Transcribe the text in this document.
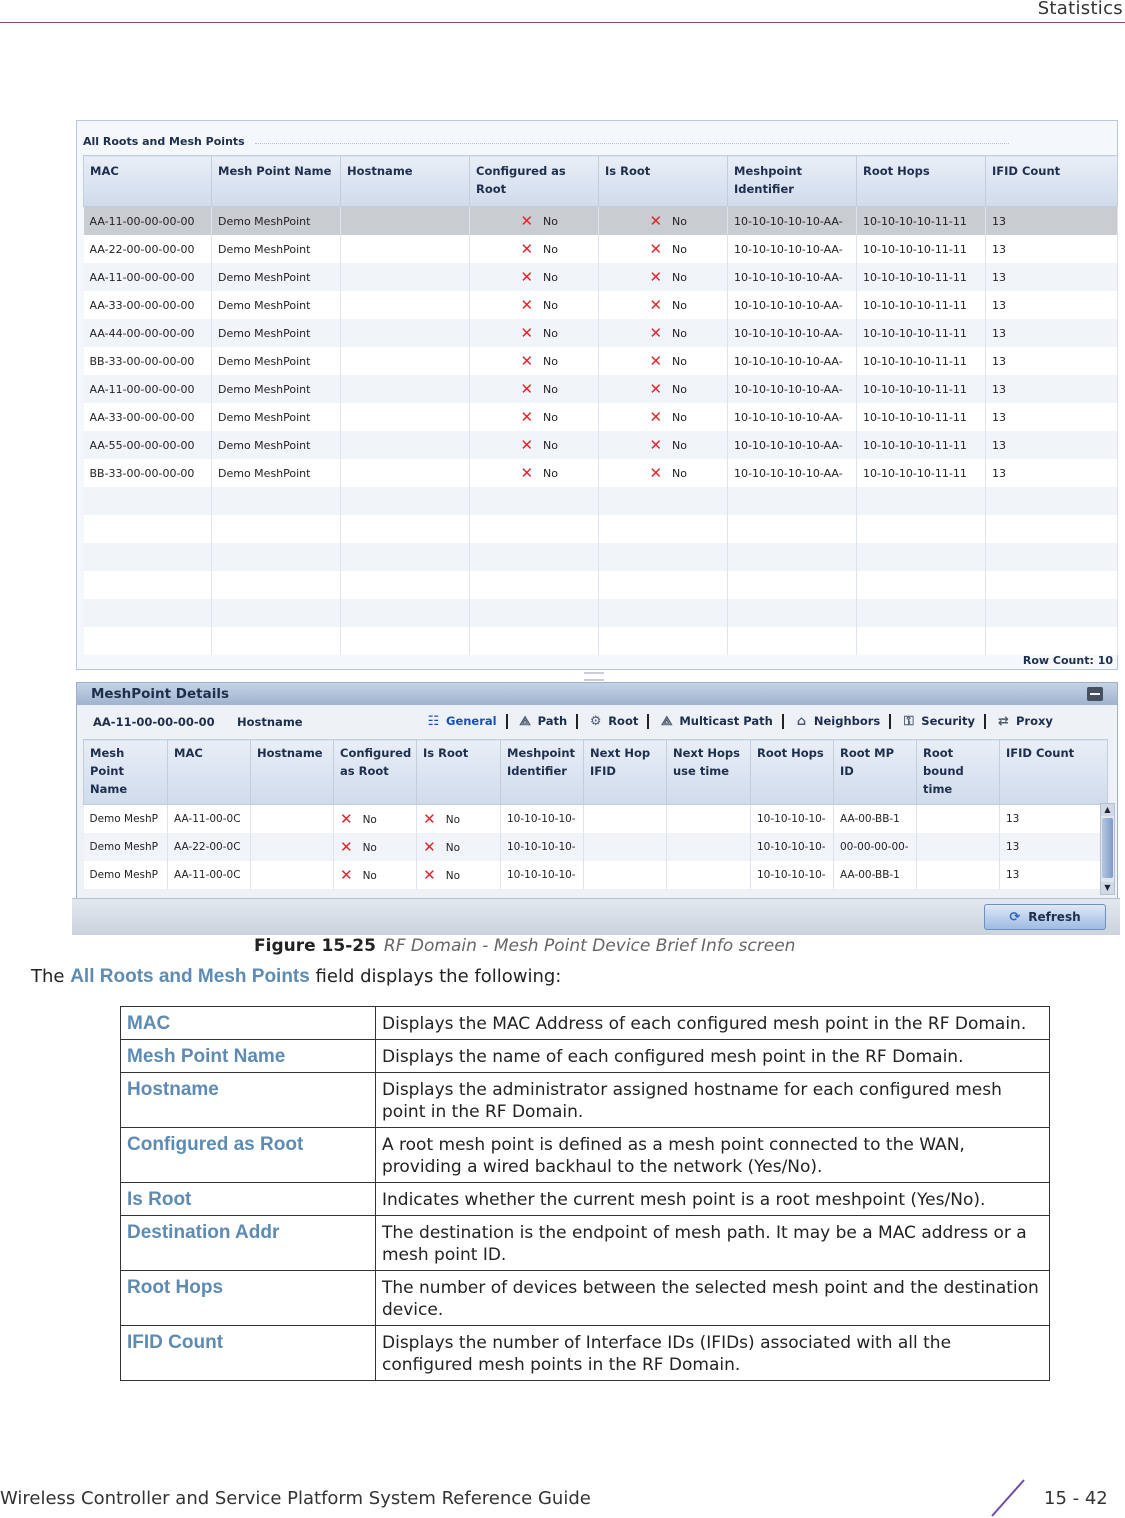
Statistics
All Roots and Mesh Points
MAC	Mesh Point Name	Hostname	Configured as Root	Is Root	Meshpoint Identifier	Root Hops	IFID Count
AA-11-00-00-00-00	Demo MeshPoint		✕ No	✕ No	10-10-10-10-10-AA-	10-10-10-10-11-11	13
AA-22-00-00-00-00	Demo MeshPoint		✕ No	✕ No	10-10-10-10-10-AA-	10-10-10-10-11-11	13
AA-11-00-00-00-00	Demo MeshPoint		✕ No	✕ No	10-10-10-10-10-AA-	10-10-10-10-11-11	13
AA-33-00-00-00-00	Demo MeshPoint		✕ No	✕ No	10-10-10-10-10-AA-	10-10-10-10-11-11	13
AA-44-00-00-00-00	Demo MeshPoint		✕ No	✕ No	10-10-10-10-10-AA-	10-10-10-10-11-11	13
BB-33-00-00-00-00	Demo MeshPoint		✕ No	✕ No	10-10-10-10-10-AA-	10-10-10-10-11-11	13
AA-11-00-00-00-00	Demo MeshPoint		✕ No	✕ No	10-10-10-10-10-AA-	10-10-10-10-11-11	13
AA-33-00-00-00-00	Demo MeshPoint		✕ No	✕ No	10-10-10-10-10-AA-	10-10-10-10-11-11	13
AA-55-00-00-00-00	Demo MeshPoint		✕ No	✕ No	10-10-10-10-10-AA-	10-10-10-10-11-11	13
BB-33-00-00-00-00	Demo MeshPoint		✕ No	✕ No	10-10-10-10-10-AA-	10-10-10-10-11-11	13

Row Count: 10
MeshPoint Details
AA-11-00-00-00-00 Hostname	☷ General ⟁ Path ⚙ Root ⟁ Multicast Path ⌂ Neighbors ⚿ Security ⇄ Proxy
Mesh Point Name	MAC	Hostname	Configured as Root	Is Root	Meshpoint Identifier	Next Hop IFID	Next Hops use time	Root Hops	Root MP ID	Root bound time	IFID Count
Demo MeshP	AA-11-00-0C		✕ No	✕ No	10-10-10-10-			10-10-10-10-	AA-00-BB-1		13
Demo MeshP	AA-22-00-0C		✕ No	✕ No	10-10-10-10-			10-10-10-10-	00-00-00-00-		13
Demo MeshP	AA-11-00-0C		✕ No	✕ No	10-10-10-10-			10-10-10-10-	AA-00-BB-1		13
▲
▼
⟳ Refresh
Figure 15-25 RF Domain - Mesh Point Device Brief Info screen
The All Roots and Mesh Points field displays the following:
MAC	Displays the MAC Address of each configured mesh point in the RF Domain.
Mesh Point Name	Displays the name of each configured mesh point in the RF Domain.
Hostname	Displays the administrator assigned hostname for each configured mesh point in the RF Domain.
Configured as Root	A root mesh point is defined as a mesh point connected to the WAN, providing a wired backhaul to the network (Yes/No).
Is Root	Indicates whether the current mesh point is a root meshpoint (Yes/No).
Destination Addr	The destination is the endpoint of mesh path. It may be a MAC address or a mesh point ID.
Root Hops	The number of devices between the selected mesh point and the destination device.
IFID Count	Displays the number of Interface IDs (IFIDs) associated with all the configured mesh points in the RF Domain.
Wireless Controller and Service Platform System Reference Guide	15 - 42
